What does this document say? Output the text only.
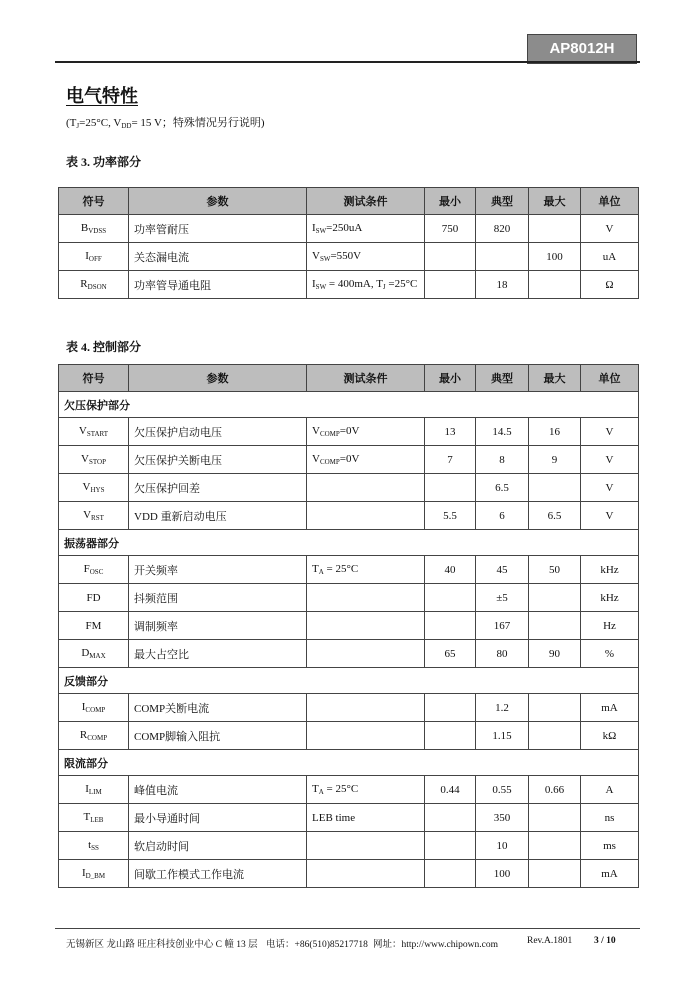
AP8012H
电气特性
($T_J=25^\circ C$, $V_{DD}= 15$ V；特殊情况另行说明)
表 3. 功率部分
符号	参数	测试条件	最小	典型	最大	单位
$B_{VDSS}$	功率管耐压	$I_{SW}=250uA$	750	820		V
$I_{OFF}$	关态漏电流	$V_{SW}=550V$			100	uA
$R_{DSON}$	功率管导通电阻	$I_{SW} = 400mA$, $T_J =25^\circ C$		18		Ω
表 4. 控制部分
符号	参数	测试条件	最小	典型	最大	单位
欠压保护部分						
$V_{START}$	欠压保护启动电压	$V_{COMP}=0V$	13	14.5	16	V
$V_{STOP}$	欠压保护关断电压	$V_{COMP}=0V$	7	8	9	V
$V_{HYS}$	欠压保护回差			6.5		V
$V_{RST}$	VDD 重新启动电压		5.5	6	6.5	V
振荡器部分						
$F_{OSC}$	开关频率	$T_A = 25^\circ C$	40	45	50	kHz
FD	抖频范围			±5		kHz
FM	调制频率			167		Hz
$D_{MAX}$	最大占空比		65	80	90	%
反馈部分						
$I_{COMP}$	COMP关断电流			1.2		mA
$R_{COMP}$	COMP脚输入阻抗			1.15		kΩ
限流部分						
$I_{LIM}$	峰值电流	$T_A = 25^\circ C$	0.44	0.55	0.66	A
$T_{LEB}$	最小导通时间	LEB time		350		ns
$t_{SS}$	软启动时间			10		ms
$I_{D\_BM}$	间歇工作模式工作电流			100		mA
无锡新区 龙山路 旺庄科技创业中心 C 幢 13 层 电话：+86(510)85217718 网址：http://www.chipown.com	Rev.A.1801 3 / 10
